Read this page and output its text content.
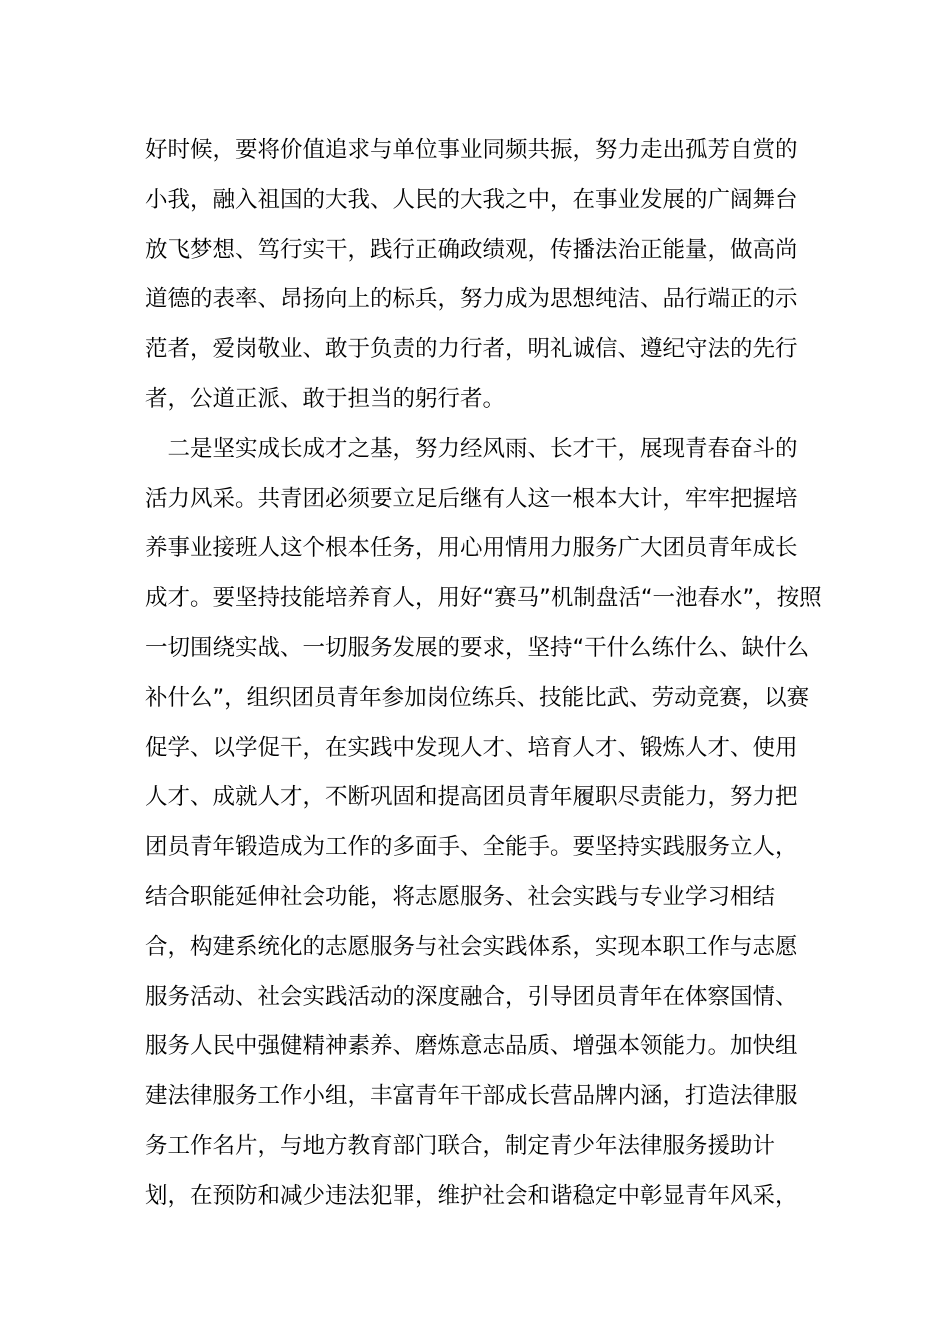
好时候，要将价值追求与单位事业同频共振，努力走出孤芳自赏的
小我，融入祖国的大我、人民的大我之中，在事业发展的广阔舞台
放飞梦想、笃行实干，践行正确政绩观，传播法治正能量，做高尚
道德的表率、昂扬向上的标兵，努力成为思想纯洁、品行端正的示
范者，爱岗敬业、敢于负责的力行者，明礼诚信、遵纪守法的先行
者，公道正派、敢于担当的躬行者。
　二是坚实成长成才之基，努力经风雨、长才干，展现青春奋斗的
活力风采。共青团必须要立足后继有人这一根本大计，牢牢把握培
养事业接班人这个根本任务，用心用情用力服务广大团员青年成长
成才。要坚持技能培养育人，用好“赛马”机制盘活“一池春水”，按照
一切围绕实战、一切服务发展的要求，坚持“干什么练什么、缺什么
补什么”，组织团员青年参加岗位练兵、技能比武、劳动竞赛，以赛
促学、以学促干，在实践中发现人才、培育人才、锻炼人才、使用
人才、成就人才，不断巩固和提高团员青年履职尽责能力，努力把
团员青年锻造成为工作的多面手、全能手。要坚持实践服务立人，
结合职能延伸社会功能，将志愿服务、社会实践与专业学习相结
合，构建系统化的志愿服务与社会实践体系，实现本职工作与志愿
服务活动、社会实践活动的深度融合，引导团员青年在体察国情、
服务人民中强健精神素养、磨炼意志品质、增强本领能力。加快组
建法律服务工作小组，丰富青年干部成长营品牌内涵，打造法律服
务工作名片，与地方教育部门联合，制定青少年法律服务援助计
划，在预防和减少违法犯罪，维护社会和谐稳定中彰显青年风采，
